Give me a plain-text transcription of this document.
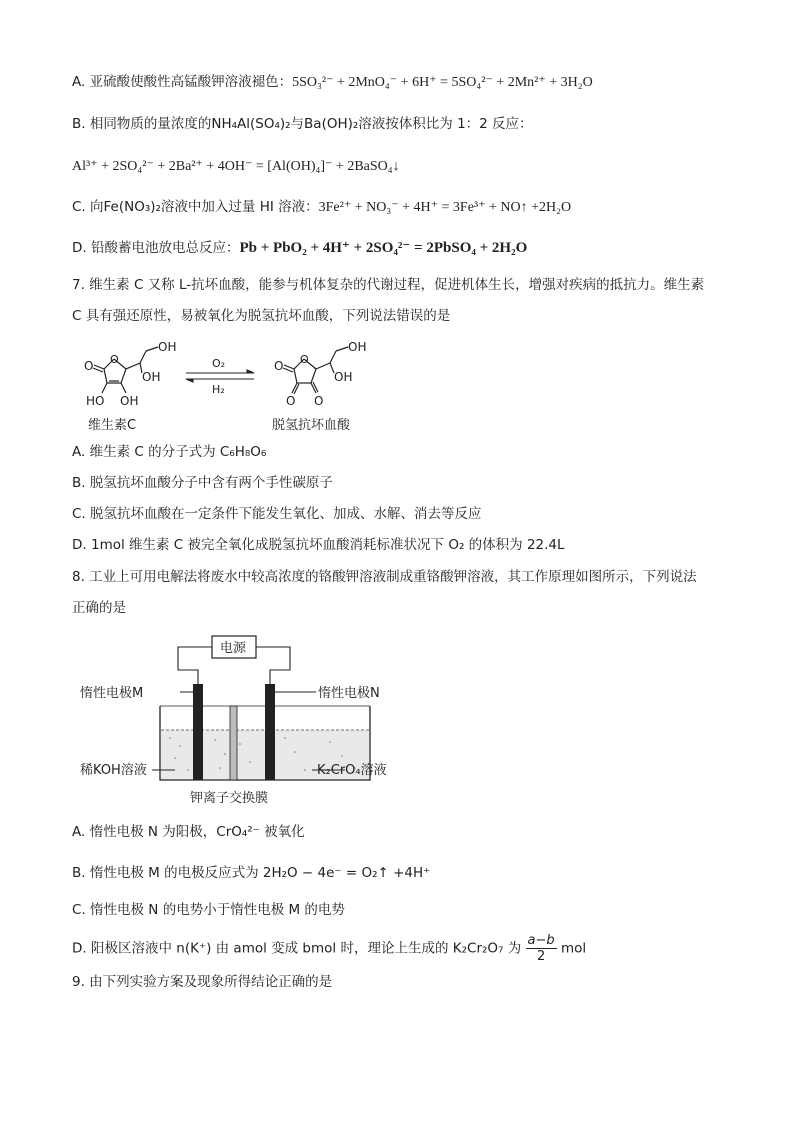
A. 亚硫酸使酸性高锰酸钾溶液褪色：5SO₃²⁻ + 2MnO₄⁻ + 6H⁺ = 5SO₄²⁻ + 2Mn²⁺ + 3H₂O
B. 相同物质的量浓度的NH₄Al(SO₄)₂与Ba(OH)₂溶液按体积比为 1：2 反应：
Al³⁺ + 2SO₄²⁻ + 2Ba²⁺ + 4OH⁻ = [Al(OH)₄]⁻ + 2BaSO₄↓
C. 向Fe(NO₃)₂溶液中加入过量 HI 溶液：3Fe²⁺ + NO₃⁻ + 4H⁺ = 3Fe³⁺ + NO↑ +2H₂O
D. 铅酸蓄电池放电总反应：Pb + PbO₂ + 4H⁺ + 2SO₄²⁻ = 2PbSO₄ + 2H₂O
7. 维生素 C 又称 L-抗坏血酸，能参与机体复杂的代谢过程，促进机体生长，增强对疾病的抵抗力。维生素
C 具有强还原性，易被氧化为脱氢抗坏血酸，下列说法错误的是
O O
HO OH
OH
OH
O₂
H₂
O O
O O
OH
OH
维生素C	脱氢抗坏血酸
A. 维生素 C 的分子式为 C₆H₈O₆
B. 脱氢抗坏血酸分子中含有两个手性碳原子
C. 脱氢抗坏血酸在一定条件下能发生氧化、加成、水解、消去等反应
D. 1mol 维生素 C 被完全氧化成脱氢抗坏血酸消耗标准状况下 O₂ 的体积为 22.4L
8. 工业上可用电解法将废水中较高浓度的铬酸钾溶液制成重铬酸钾溶液，其工作原理如图所示，下列说法
正确的是
电源
惰性电极M	惰性电极N
稀KOH溶液	K₂CrO₄溶液
钾离子交换膜
A. 惰性电极 N 为阳极，CrO₄²⁻ 被氧化
B. 惰性电极 M 的电极反应式为 2H₂O − 4e⁻ = O₂↑ +4H⁺
C. 惰性电极 N 的电势小于惰性电极 M 的电势
D. 阳极区溶液中 n(K⁺) 由 amol 变成 bmol 时，理论上生成的 K₂Cr₂O₇ 为 $\frac{a-b}{2}$ mol
9. 由下列实验方案及现象所得结论正确的是
